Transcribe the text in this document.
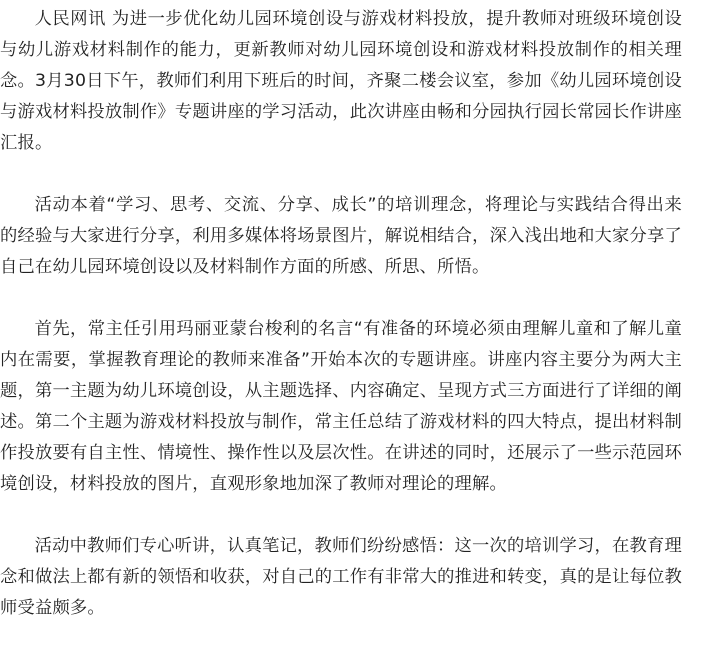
人民网讯 为进一步优化幼儿园环境创设与游戏材料投放，提升教师对班级环境创设与幼儿游戏材料制作的能力，更新教师对幼儿园环境创设和游戏材料投放制作的相关理念。3月30日下午，教师们利用下班后的时间，齐聚二楼会议室，参加《幼儿园环境创设与游戏材料投放制作》专题讲座的学习活动，此次讲座由畅和分园执行园长常园长作讲座汇报。

活动本着“学习、思考、交流、分享、成长”的培训理念，将理论与实践结合得出来的经验与大家进行分享，利用多媒体将场景图片，解说相结合，深入浅出地和大家分享了自己在幼儿园环境创设以及材料制作方面的所感、所思、所悟。

首先，常主任引用玛丽亚蒙台梭利的名言“有准备的环境必须由理解儿童和了解儿童内在需要，掌握教育理论的教师来准备”开始本次的专题讲座。讲座内容主要分为两大主题，第一主题为幼儿环境创设，从主题选择、内容确定、呈现方式三方面进行了详细的阐述。第二个主题为游戏材料投放与制作，常主任总结了游戏材料的四大特点，提出材料制作投放要有自主性、情境性、操作性以及层次性。在讲述的同时，还展示了一些示范园环境创设，材料投放的图片，直观形象地加深了教师对理论的理解。

活动中教师们专心听讲，认真笔记，教师们纷纷感悟：这一次的培训学习，在教育理念和做法上都有新的领悟和收获，对自己的工作有非常大的推进和转变，真的是让每位教师受益颇多。
